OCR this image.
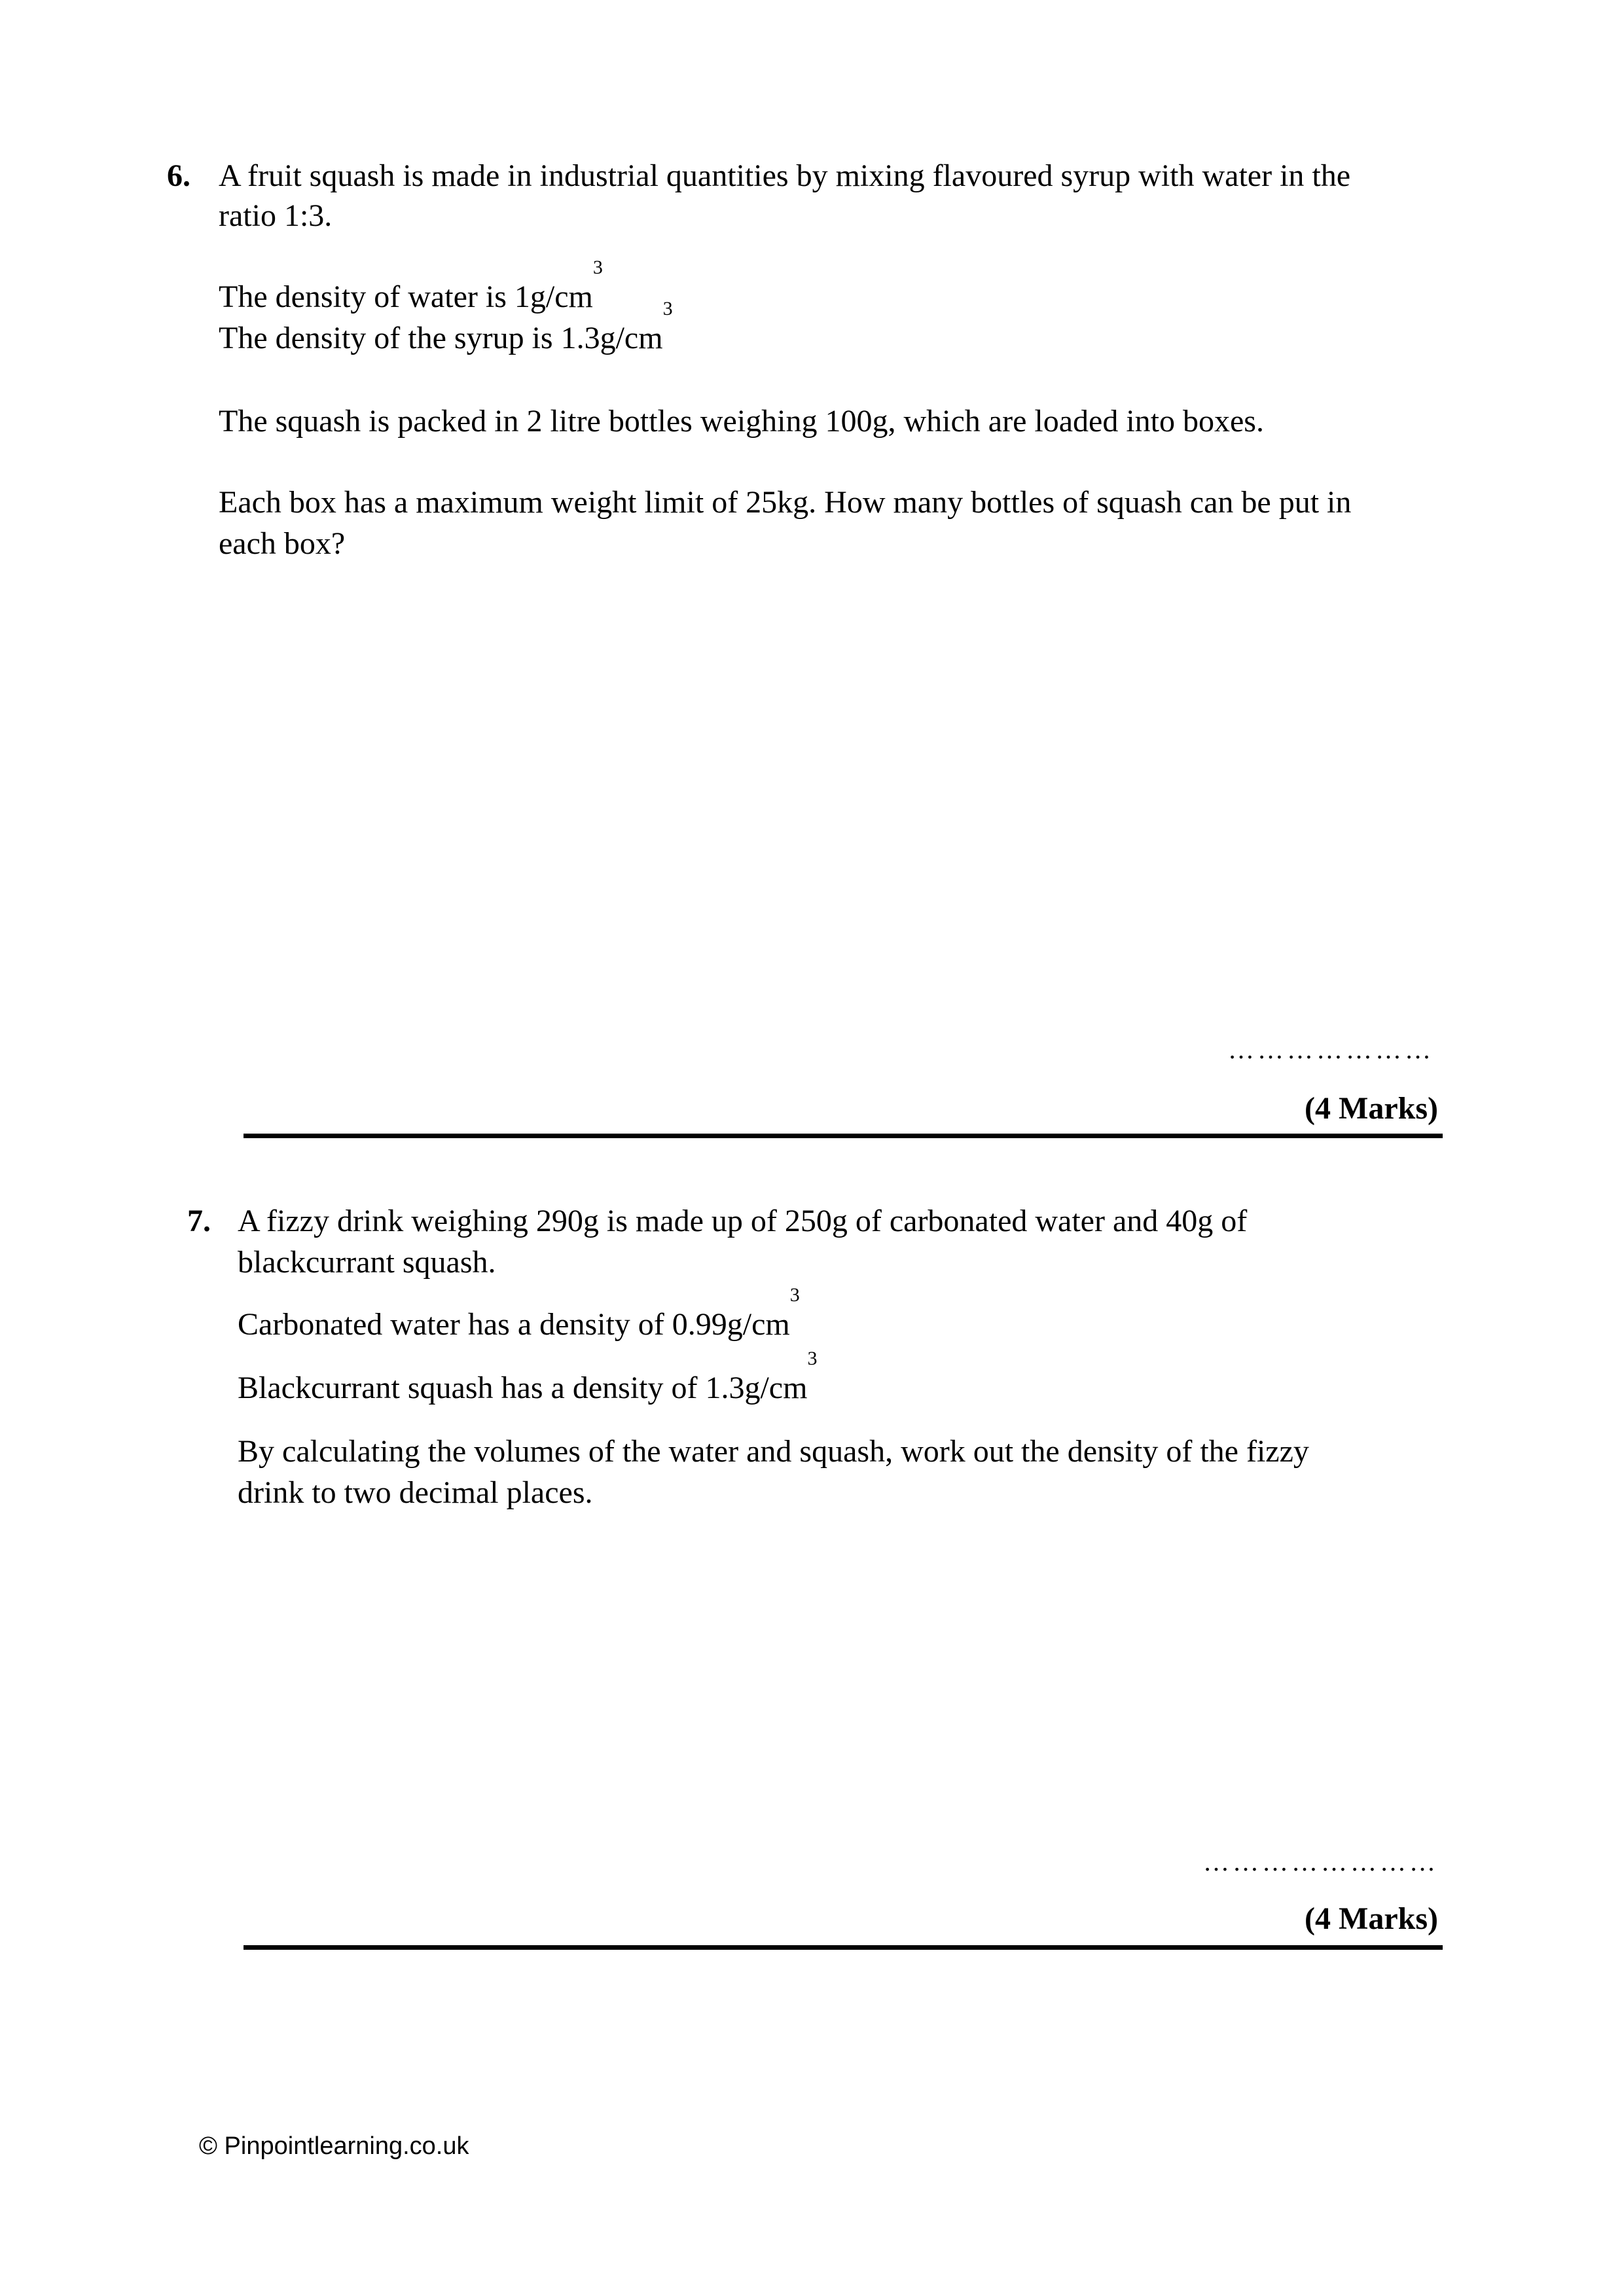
6. A fruit squash is made in industrial quantities by mixing flavoured syrup with water in the
ratio 1:3.
The density of water is $1g/cm^3$
The density of the syrup is $1.3g/cm^3$
The squash is packed in 2 litre bottles weighing 100g, which are loaded into boxes.
Each box has a maximum weight limit of 25kg. How many bottles of squash can be put in
each box?
…………………
(4 Marks)
7. A fizzy drink weighing 290g is made up of 250g of carbonated water and 40g of
blackcurrant squash.
Carbonated water has a density of $0.99g/cm^3$
Blackcurrant squash has a density of $1.3g/cm^3$
By calculating the volumes of the water and squash, work out the density of the fizzy
drink to two decimal places.
……………………
(4 Marks)
© Pinpointlearning.co.uk
